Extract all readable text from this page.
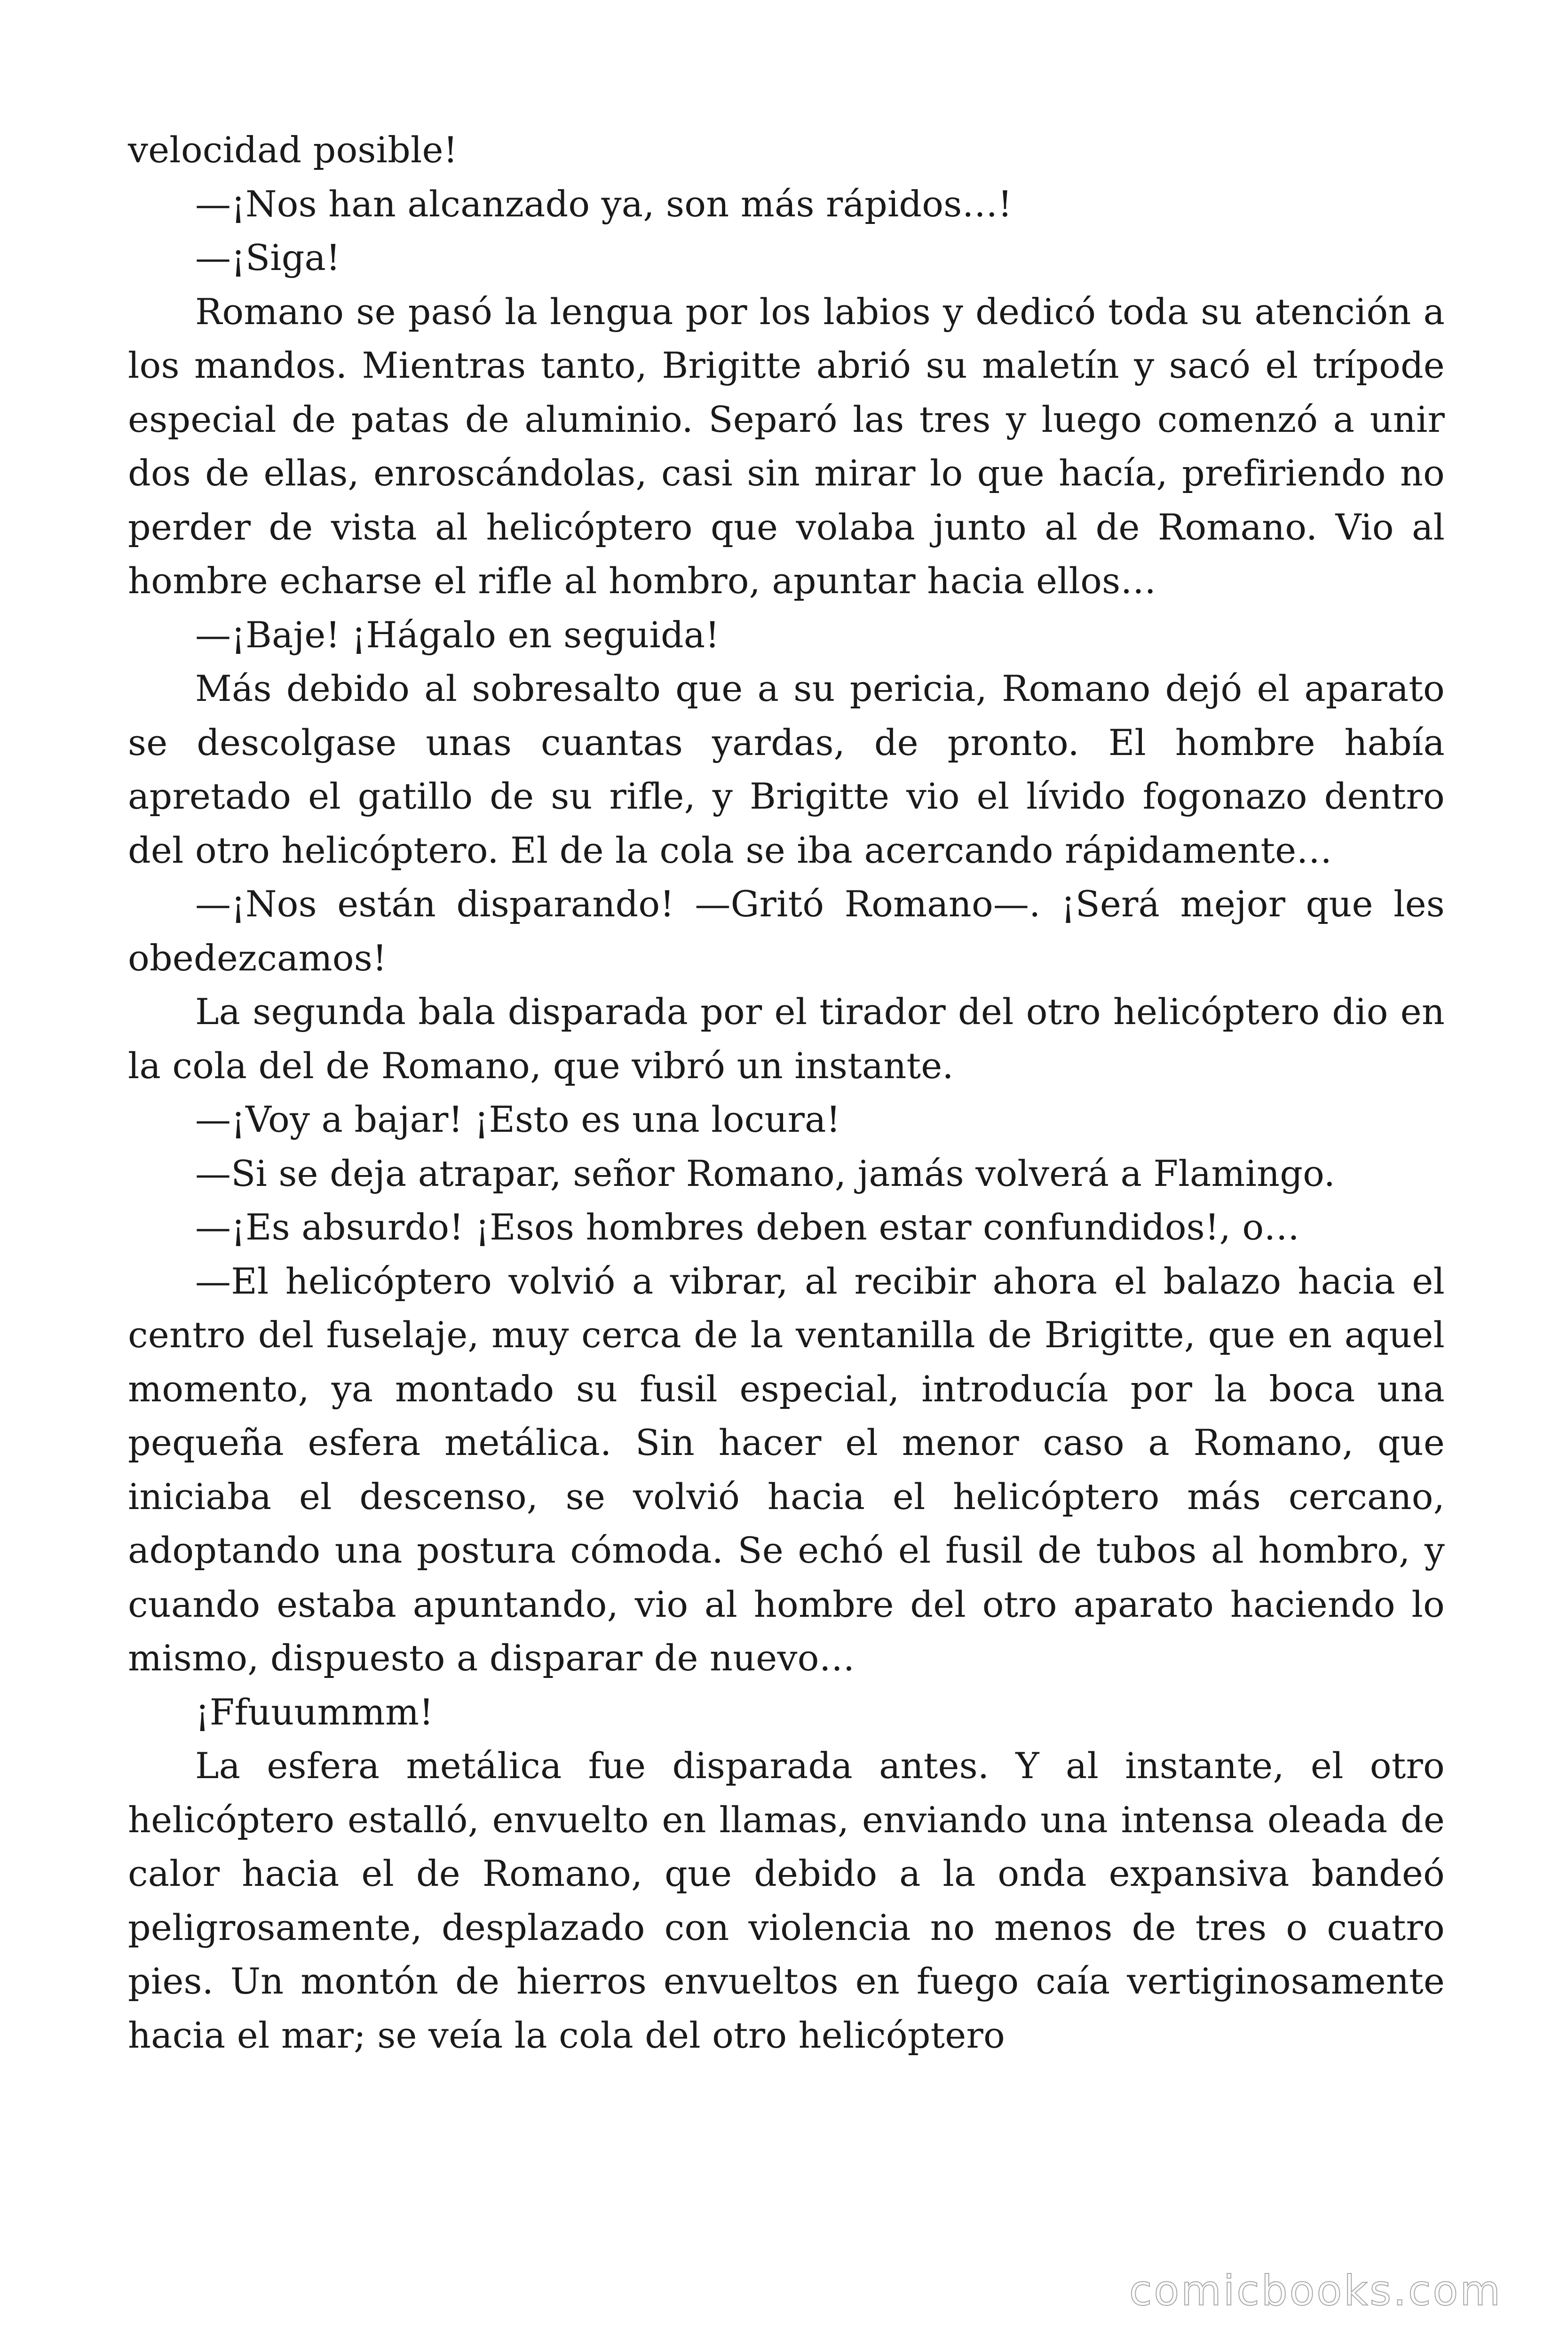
velocidad posible!

—¡Nos han alcanzado ya, son más rápidos…!

—¡Siga!

Romano se pasó la lengua por los labios y dedicó toda su atención a los mandos. Mientras tanto, Brigitte abrió su maletín y sacó el trípode especial de patas de aluminio. Separó las tres y luego comenzó a unir dos de ellas, enroscándolas, casi sin mirar lo que hacía, prefiriendo no perder de vista al helicóptero que volaba junto al de Romano. Vio al hombre echarse el rifle al hombro, apuntar hacia ellos…

—¡Baje! ¡Hágalo en seguida!

Más debido al sobresalto que a su pericia, Romano dejó el aparato se descolgase unas cuantas yardas, de pronto. El hombre había apretado el gatillo de su rifle, y Brigitte vio el lívido fogonazo dentro del otro helicóptero. El de la cola se iba acercando rápidamente…

—¡Nos están disparando! —Gritó Romano—. ¡Será mejor que les obedezcamos!

La segunda bala disparada por el tirador del otro helicóptero dio en la cola del de Romano, que vibró un instante.

—¡Voy a bajar! ¡Esto es una locura!

—Si se deja atrapar, señor Romano, jamás volverá a Flamingo.

—¡Es absurdo! ¡Esos hombres deben estar confundidos!, o…

—El helicóptero volvió a vibrar, al recibir ahora el balazo hacia el centro del fuselaje, muy cerca de la ventanilla de Brigitte, que en aquel momento, ya montado su fusil especial, introducía por la boca una pequeña esfera metálica. Sin hacer el menor caso a Romano, que iniciaba el descenso, se volvió hacia el helicóptero más cercano, adoptando una postura cómoda. Se echó el fusil de tubos al hombro, y cuando estaba apuntando, vio al hombre del otro aparato haciendo lo mismo, dispuesto a disparar de nuevo…

¡Ffuuummm!

La esfera metálica fue disparada antes. Y al instante, el otro helicóptero estalló, envuelto en llamas, enviando una intensa oleada de calor hacia el de Romano, que debido a la onda expansiva bandeó peligrosamente, desplazado con violencia no menos de tres o cuatro pies. Un montón de hierros envueltos en fuego caía vertiginosamente hacia el mar; se veía la cola del otro helicóptero

comicbooks.com
